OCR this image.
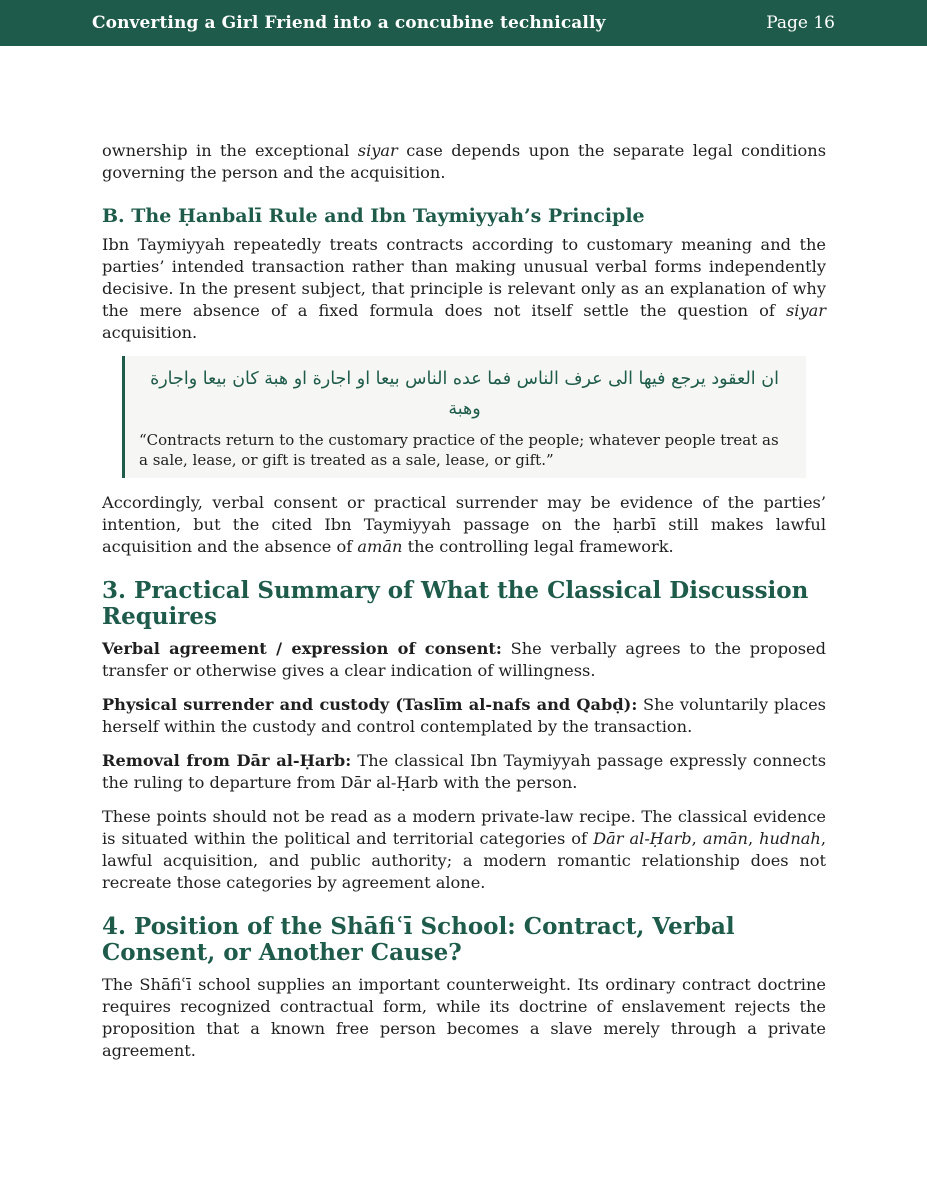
Converting a Girl Friend into a concubine technically	Page 16

ownership in the exceptional siyar case depends upon the separate legal conditions governing the person and the acquisition.

B. The Ḥanbalī Rule and Ibn Taymiyyah’s Principle

Ibn Taymiyyah repeatedly treats contracts according to customary meaning and the parties’ intended transaction rather than making unusual verbal forms independently decisive. In the present subject, that principle is relevant only as an explanation of why the mere absence of a fixed formula does not itself settle the question of siyar acquisition.

ان العقود يرجع فيها الى عرف الناس فما عده الناس بيعا او اجارة او هبة كان بيعا واجارة وهبة
“Contracts return to the customary practice of the people; whatever people treat as a sale, lease, or gift is treated as a sale, lease, or gift.”

Accordingly, verbal consent or practical surrender may be evidence of the parties’ intention, but the cited Ibn Taymiyyah passage on the ḥarbī still makes lawful acquisition and the absence of amān the controlling legal framework.

3. Practical Summary of What the Classical Discussion Requires

Verbal agreement / expression of consent: She verbally agrees to the proposed transfer or otherwise gives a clear indication of willingness.

Physical surrender and custody (Taslīm al-nafs and Qabḍ): She voluntarily places herself within the custody and control contemplated by the transaction.

Removal from Dār al-Ḥarb: The classical Ibn Taymiyyah passage expressly connects the ruling to departure from Dār al-Ḥarb with the person.

These points should not be read as a modern private-law recipe. The classical evidence is situated within the political and territorial categories of Dār al-Ḥarb, amān, hudnah, lawful acquisition, and public authority; a modern romantic relationship does not recreate those categories by agreement alone.

4. Position of the Shāfiʿī School: Contract, Verbal Consent, or Another Cause?

The Shāfiʿī school supplies an important counterweight. Its ordinary contract doctrine requires recognized contractual form, while its doctrine of enslavement rejects the proposition that a known free person becomes a slave merely through a private agreement.
